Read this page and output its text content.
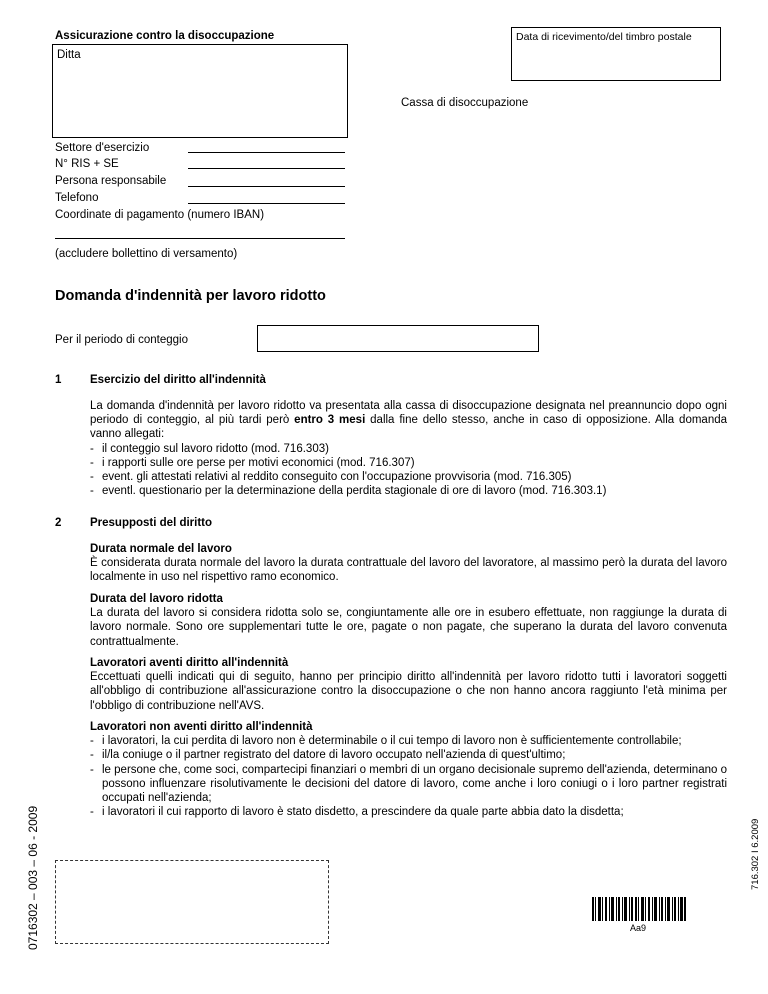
Assicurazione contro la disoccupazione	Data di ricevimento/del timbro postale
Ditta
Cassa di disoccupazione
Settore d'esercizio
N° RIS + SE
Persona responsabile
Telefono
Coordinate di pagamento (numero IBAN)
(accludere bollettino di versamento)
Domanda d'indennità per lavoro ridotto
Per il periodo di conteggio
1 Esercizio del diritto all'indennità

La domanda d'indennità per lavoro ridotto va presentata alla cassa di disoccupazione designata nel preannuncio dopo ogni periodo di conteggio, al più tardi però entro 3 mesi dalla fine dello stesso, anche in caso di opposizione. Alla domanda vanno allegati:

- il conteggio sul lavoro ridotto (mod. 716.303)
- i rapporti sulle ore perse per motivi economici (mod. 716.307)
- event. gli attestati relativi al reddito conseguito con l'occupazione provvisoria (mod. 716.305)
- eventl. questionario per la determinazione della perdita stagionale di ore di lavoro (mod. 716.303.1)
2 Presupposti del diritto

Durata normale del lavoro

È considerata durata normale del lavoro la durata contrattuale del lavoro del lavoratore, al massimo però la durata del lavoro localmente in uso nel rispettivo ramo economico.

Durata del lavoro ridotta

La durata del lavoro si considera ridotta solo se, congiuntamente alle ore in esubero effettuate, non raggiunge la durata di lavoro normale. Sono ore supplementari tutte le ore, pagate o non pagate, che superano la durata del lavoro convenuta contrattualmente.

Lavoratori aventi diritto all'indennità

Eccettuati quelli indicati qui di seguito, hanno per principio diritto all'indennità per lavoro ridotto tutti i lavoratori soggetti all'obbligo di contribuzione all'assicurazione contro la disoccupazione o che non hanno ancora raggiunto l'età minima per l'obbligo di contribuzione nell'AVS.

Lavoratori non aventi diritto all'indennità

- i lavoratori, la cui perdita di lavoro non è determinabile o il cui tempo di lavoro non è sufficientemente controllabile;
- il/la coniuge o il partner registrato del datore di lavoro occupato nell'azienda di quest'ultimo;
- le persone che, come soci, compartecipi finanziari o membri di un organo decisionale supremo dell'azienda, determinano o possono influenzare risolutivamente le decisioni del datore di lavoro, come anche i loro coniugi o i loro partner registrati occupati nell'azienda;
- i lavoratori il cui rapporto di lavoro è stato disdetto, a prescindere da quale parte abbia dato la disdetta;
0716302 – 003 – 06 - 2009	716.302 I 6.2009
Aa9
